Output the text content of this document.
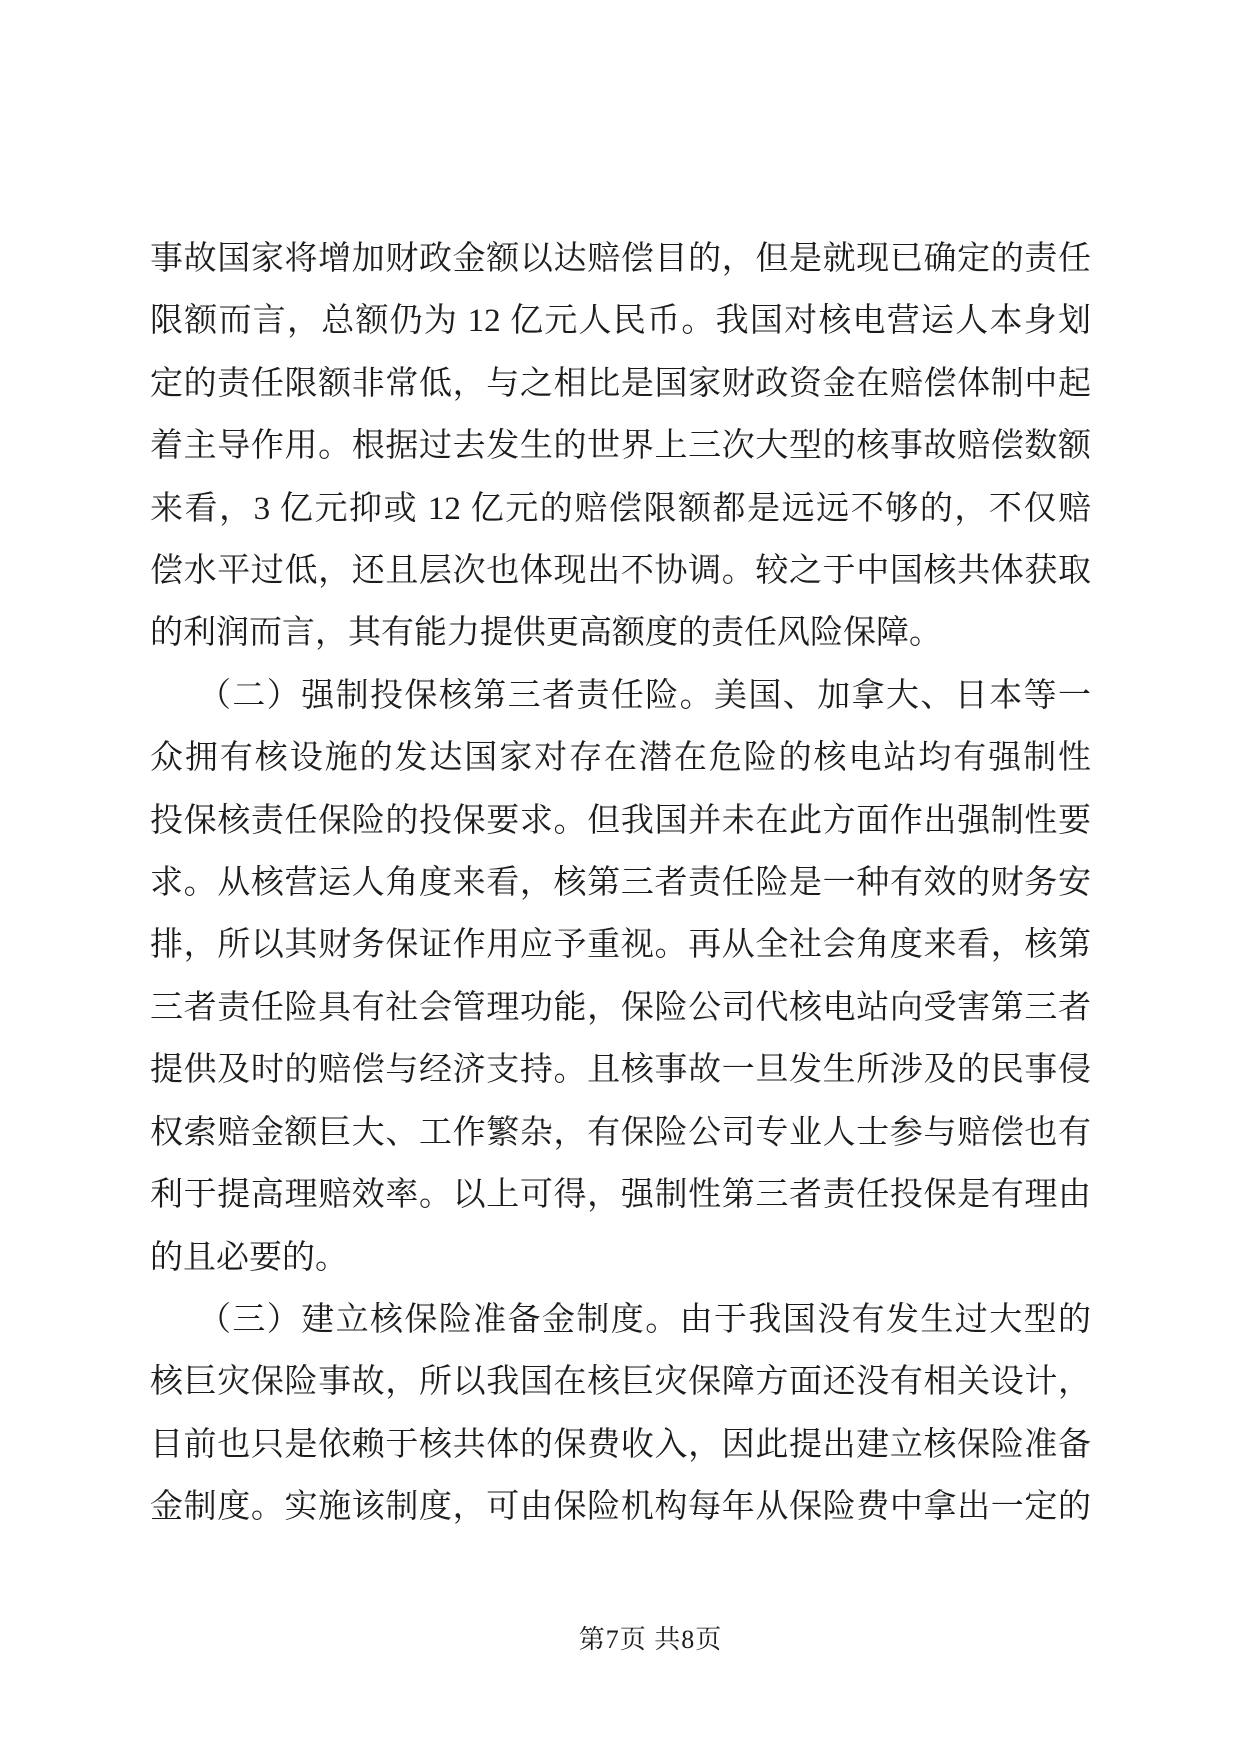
事故国家将增加财政金额以达赔偿目的，但是就现已确定的责任
限额而言，总额仍为 12 亿元人民币。我国对核电营运人本身划
定的责任限额非常低，与之相比是国家财政资金在赔偿体制中起
着主导作用。根据过去发生的世界上三次大型的核事故赔偿数额
来看，3 亿元抑或 12 亿元的赔偿限额都是远远不够的，不仅赔
偿水平过低，还且层次也体现出不协调。较之于中国核共体获取
的利润而言，其有能力提供更高额度的责任风险保障。
（二）强制投保核第三者责任险。美国、加拿大、日本等一
众拥有核设施的发达国家对存在潜在危险的核电站均有强制性
投保核责任保险的投保要求。但我国并未在此方面作出强制性要
求。从核营运人角度来看，核第三者责任险是一种有效的财务安
排，所以其财务保证作用应予重视。再从全社会角度来看，核第
三者责任险具有社会管理功能，保险公司代核电站向受害第三者
提供及时的赔偿与经济支持。且核事故一旦发生所涉及的民事侵
权索赔金额巨大、工作繁杂，有保险公司专业人士参与赔偿也有
利于提高理赔效率。以上可得，强制性第三者责任投保是有理由
的且必要的。
（三）建立核保险准备金制度。由于我国没有发生过大型的
核巨灾保险事故，所以我国在核巨灾保障方面还没有相关设计，
目前也只是依赖于核共体的保费收入，因此提出建立核保险准备
金制度。实施该制度，可由保险机构每年从保险费中拿出一定的
第7页 共8页
